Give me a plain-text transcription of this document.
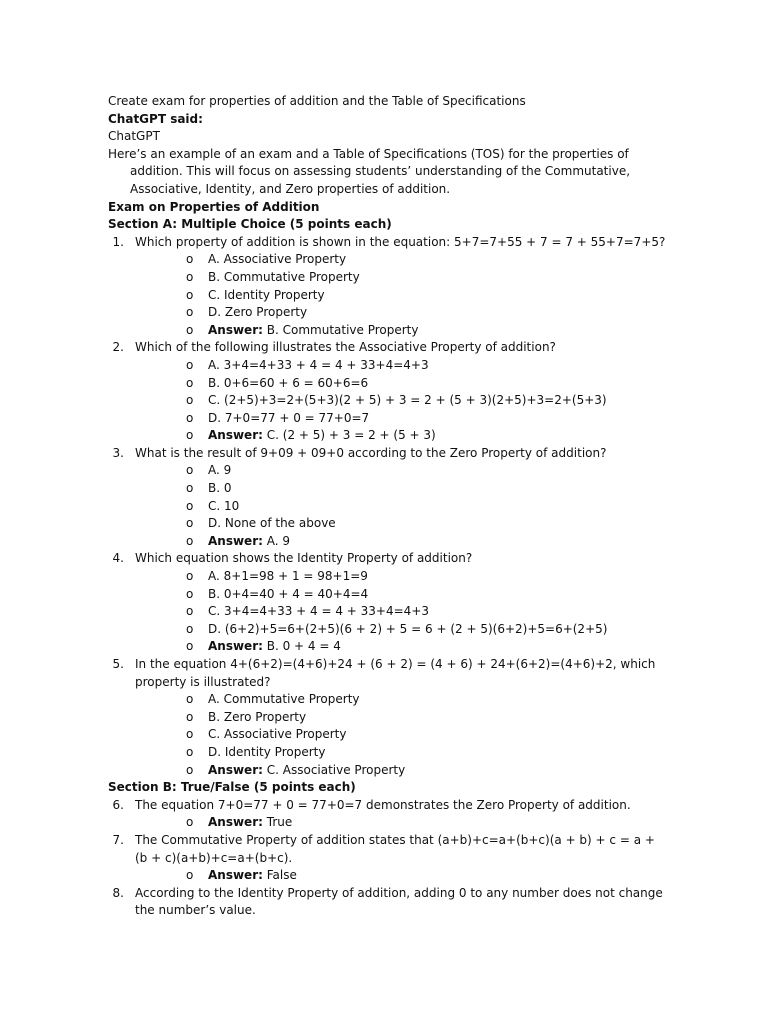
Create exam for properties of addition and the Table of Specifications
ChatGPT said:
ChatGPT
Here’s an example of an exam and a Table of Specifications (TOS) for the properties of addition. This will focus on assessing students’ understanding of the Commutative, Associative, Identity, and Zero properties of addition.
Exam on Properties of Addition
Section A: Multiple Choice (5 points each)
1. Which property of addition is shown in the equation: 5+7=7+55 + 7 = 7 + 55+7=7+5?
o A. Associative Property
o B. Commutative Property
o C. Identity Property
o D. Zero Property
o Answer: B. Commutative Property
2. Which of the following illustrates the Associative Property of addition?
o A. 3+4=4+33 + 4 = 4 + 33+4=4+3
o B. 0+6=60 + 6 = 60+6=6
o C. (2+5)+3=2+(5+3)(2 + 5) + 3 = 2 + (5 + 3)(2+5)+3=2+(5+3)
o D. 7+0=77 + 0 = 77+0=7
o Answer: C. (2 + 5) + 3 = 2 + (5 + 3)
3. What is the result of 9+09 + 09+0 according to the Zero Property of addition?
o A. 9
o B. 0
o C. 10
o D. None of the above
o Answer: A. 9
4. Which equation shows the Identity Property of addition?
o A. 8+1=98 + 1 = 98+1=9
o B. 0+4=40 + 4 = 40+4=4
o C. 3+4=4+33 + 4 = 4 + 33+4=4+3
o D. (6+2)+5=6+(2+5)(6 + 2) + 5 = 6 + (2 + 5)(6+2)+5=6+(2+5)
o Answer: B. 0 + 4 = 4
5. In the equation 4+(6+2)=(4+6)+24 + (6 + 2) = (4 + 6) + 24+(6+2)=(4+6)+2, which property is illustrated?
o A. Commutative Property
o B. Zero Property
o C. Associative Property
o D. Identity Property
o Answer: C. Associative Property
Section B: True/False (5 points each)
6. The equation 7+0=77 + 0 = 77+0=7 demonstrates the Zero Property of addition.
o Answer: True
7. The Commutative Property of addition states that (a+b)+c=a+(b+c)(a + b) + c = a + (b + c)(a+b)+c=a+(b+c).
o Answer: False
8. According to the Identity Property of addition, adding 0 to any number does not change the number’s value.
